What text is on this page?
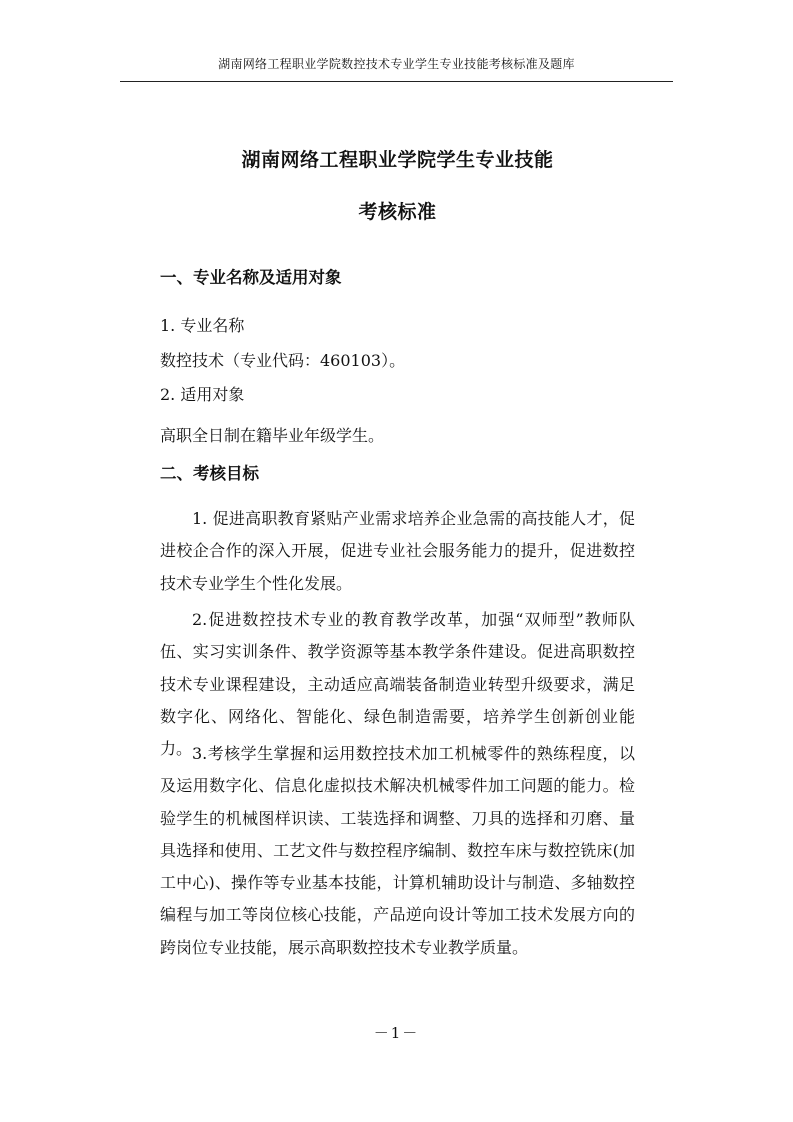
湖南网络工程职业学院数控技术专业学生专业技能考核标准及题库
湖南网络工程职业学院学生专业技能
考核标准
一、专业名称及适用对象
1. 专业名称
数控技术（专业代码：460103）。
2. 适用对象
高职全日制在籍毕业年级学生。
二、考核目标
1. 促进高职教育紧贴产业需求培养企业急需的高技能人才，促进校企合作的深入开展，促进专业社会服务能力的提升，促进数控技术专业学生个性化发展。
2.促进数控技术专业的教育教学改革，加强“双师型”教师队伍、实习实训条件、教学资源等基本教学条件建设。促进高职数控技术专业课程建设，主动适应高端装备制造业转型升级要求，满足数字化、网络化、智能化、绿色制造需要，培养学生创新创业能力。 3.考核学生掌握和运用数控技术加工机械零件的熟练程度，以及运用数字化、信息化虚拟技术解决机械零件加工问题的能力。检验学生的机械图样识读、工装选择和调整、刀具的选择和刃磨、量具选择和使用、工艺文件与数控程序编制、数控车床与数控铣床(加工中心)、操作等专业基本技能，计算机辅助设计与制造、多轴数控编程与加工等岗位核心技能，产品逆向设计等加工技术发展方向的跨岗位专业技能，展示高职数控技术专业教学质量。
－1－
